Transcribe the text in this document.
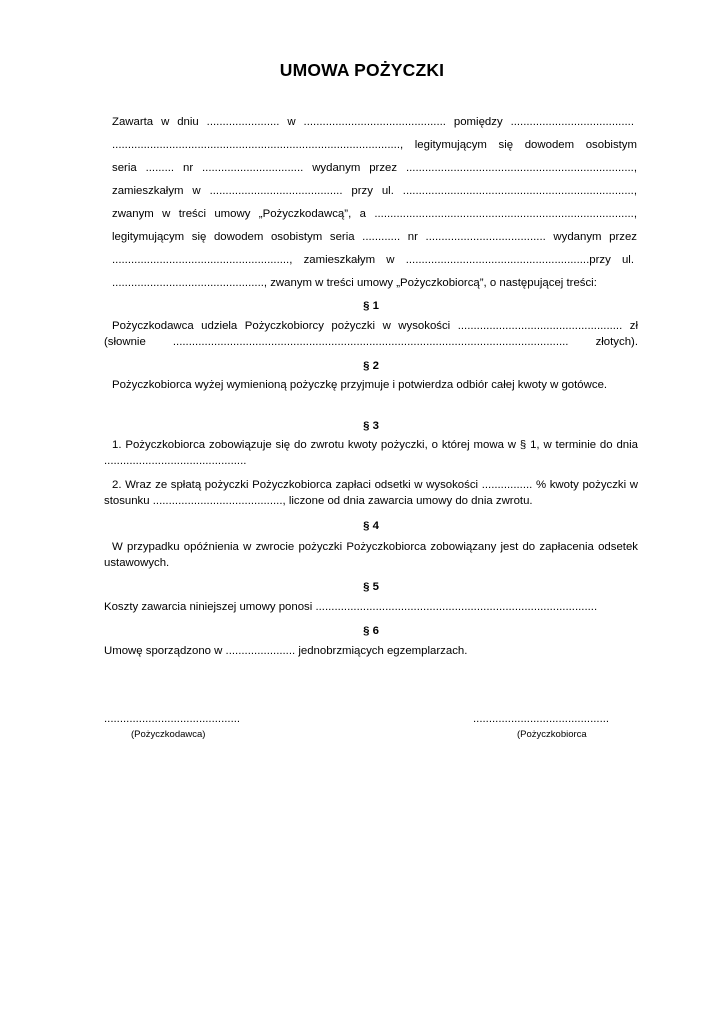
UMOWA POŻYCZKI
Zawarta w dniu ....................... w ............................................. pomiędzy .......................................
..........................................................................................., legitymującym się dowodem osobistym
seria ......... nr ................................ wydanym przez ........................................................................,
zamieszkałym w .......................................... przy ul. .........................................................................,
zwanym w treści umowy „Pożyczkodawcą”, a ..................................................................................,
legitymującym się dowodem osobistym seria ............ nr ...................................... wydanym przez
........................................................, zamieszkałym w ..........................................................przy ul.
................................................, zwanym w treści umowy „Pożyczkobiorcą”, o następującej treści:
§ 1
Pożyczkodawca udziela Pożyczkobiorcy pożyczki w wysokości .................................................... zł
(słownie ............................................................................................................................. złotych).
§ 2
Pożyczkobiorca wyżej wymienioną pożyczkę przyjmuje i potwierdza odbiór całej kwoty w gotówce.
§ 3
1. Pożyczkobiorca zobowiązuje się do zwrotu kwoty pożyczki, o której mowa w § 1, w terminie do dnia .............................................
2. Wraz ze spłatą pożyczki Pożyczkobiorca zapłaci odsetki w wysokości ................ % kwoty pożyczki w stosunku ........................................., liczone od dnia zawarcia umowy do dnia zwrotu.
§ 4
W przypadku opóźnienia w zwrocie pożyczki Pożyczkobiorca zobowiązany jest do zapłacenia odsetek ustawowych.
§ 5
Koszty zawarcia niniejszej umowy ponosi .........................................................................................
§ 6
Umowę sporządzono w ...................... jednobrzmiących egzemplarzach.
...........................................	...........................................
(Pożyczkodawca)	(Pożyczkobiorca
